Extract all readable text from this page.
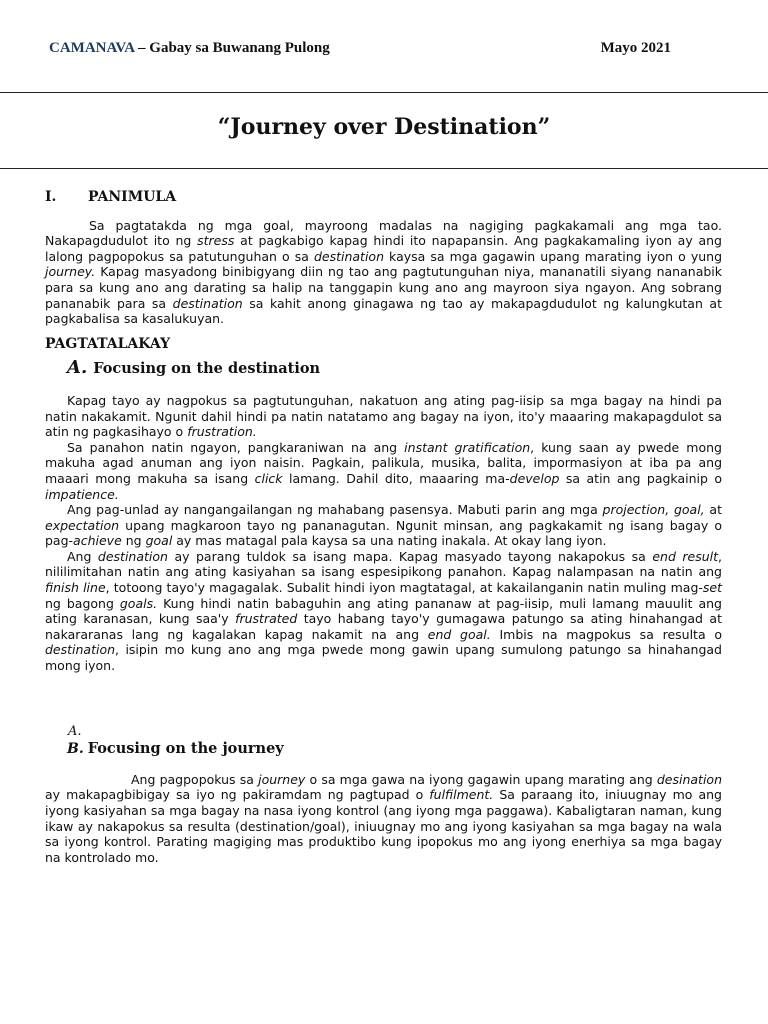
CAMANAVA – Gabay sa Buwanang Pulong	Mayo 2021
“Journey over Destination”
I. PANIMULA

Sa pagtatakda ng mga goal, mayroong madalas na nagiging pagkakamali ang mga tao. Nakapagdudulot ito ng stress at pagkabigo kapag hindi ito napapansin. Ang pagkakamaling iyon ay ang lalong pagpopokus sa patutunguhan o sa destination kaysa sa mga gagawin upang marating iyon o yung journey. Kapag masyadong binibigyang diin ng tao ang pagtutunguhan niya, mananatili siyang nananabik para sa kung ano ang darating sa halip na tanggapin kung ano ang mayroon siya ngayon. Ang sobrang pananabik para sa destination sa kahit anong ginagawa ng tao ay makapagdudulot ng kalungkutan at pagkabalisa sa kasalukuyan.

PAGTATALAKAY
A. Focusing on the destination

Kapag tayo ay nagpokus sa pagtutunguhan, nakatuon ang ating pag-iisip sa mga bagay na hindi pa natin nakakamit. Ngunit dahil hindi pa natin natatamo ang bagay na iyon, ito'y maaaring makapagdulot sa atin ng pagkasihayo o frustration.

Sa panahon natin ngayon, pangkaraniwan na ang instant gratification, kung saan ay pwede mong makuha agad anuman ang iyon naisin. Pagkain, palikula, musika, balita, impormasiyon at iba pa ang maaari mong makuha sa isang click lamang. Dahil dito, maaaring ma-develop sa atin ang pagkainip o impatience.

Ang pag-unlad ay nangangailangan ng mahabang pasensya. Mabuti parin ang mga projection, goal, at expectation upang magkaroon tayo ng pananagutan. Ngunit minsan, ang pagkakamit ng isang bagay o pag-achieve ng goal ay mas matagal pala kaysa sa una nating inakala. At okay lang iyon.

Ang destination ay parang tuldok sa isang mapa. Kapag masyado tayong nakapokus sa end result, nililimitahan natin ang ating kasiyahan sa isang espesipikong panahon. Kapag nalampasan na natin ang finish line, totoong tayo'y magagalak. Subalit hindi iyon magtatagal, at kakailanganin natin muling mag-set ng bagong goals. Kung hindi natin babaguhin ang ating pananaw at pag-iisip, muli lamang mauulit ang ating karanasan, kung saa'y frustrated tayo habang tayo'y gumagawa patungo sa ating hinahangad at nakararanas lang ng kagalakan kapag nakamit na ang end goal. Imbis na magpokus sa resulta o destination, isipin mo kung ano ang mga pwede mong gawin upang sumulong patungo sa hinahangad mong iyon.

A.
B. Focusing on the journey

Ang pagpopokus sa journey o sa mga gawa na iyong gagawin upang marating ang desination ay makapagbibigay sa iyo ng pakiramdam ng pagtupad o fulfilment. Sa paraang ito, iniuugnay mo ang iyong kasiyahan sa mga bagay na nasa iyong kontrol (ang iyong mga paggawa). Kabaligtaran naman, kung ikaw ay nakapokus sa resulta (destination/goal), iniuugnay mo ang iyong kasiyahan sa mga bagay na wala sa iyong kontrol. Parating magiging mas produktibo kung ipopokus mo ang iyong enerhiya sa mga bagay na kontrolado mo.
